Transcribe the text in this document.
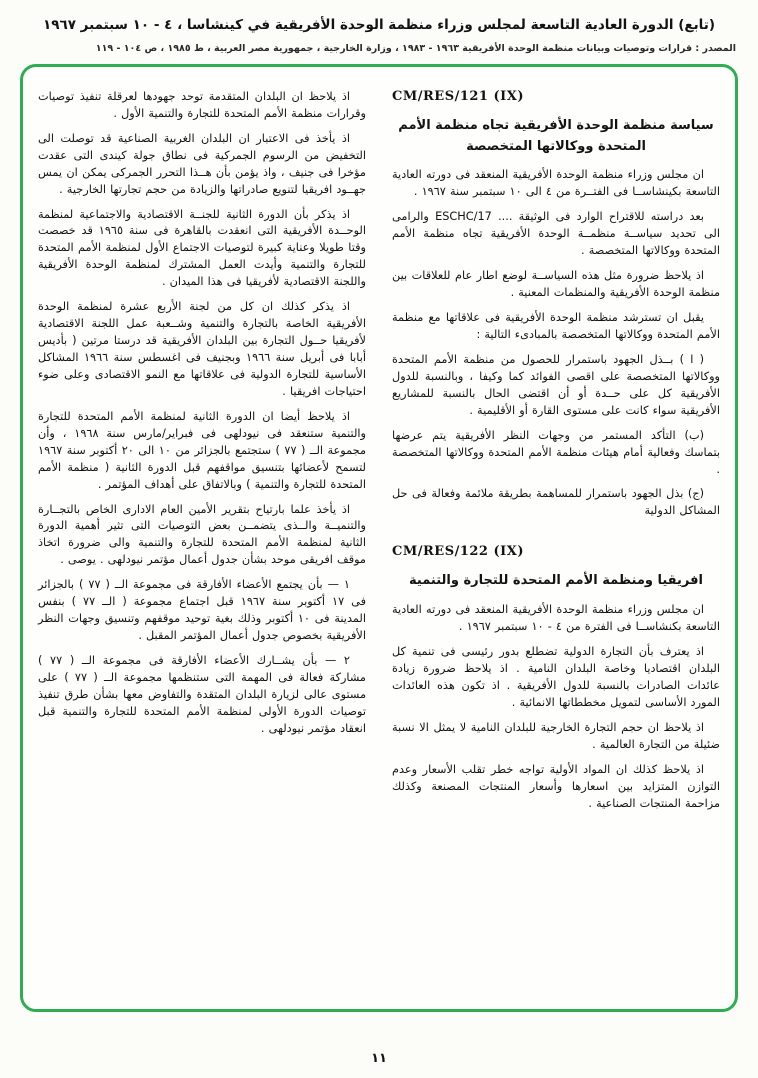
(تابع) الدورة العادية التاسعة لمجلس وزراء منظمة الوحدة الأفريقية في كينشاسا ، ٤ - ١٠ سبتمبر ١٩٦٧
المصدر : قرارات وتوصيات وبيانات منظمة الوحدة الأفريقية ١٩٦٣ - ١٩٨٣ ، وزارة الخارجية ، جمهورية مصر العربية ، ط ١٩٨٥ ، ص ١٠٤ - ١١٩
CM/RES/121 (IX)
سياسة منظمة الوحدة الأفريقية تجاه منظمة الأمم المتحدة ووكالاتها المتخصصة

ان مجلس وزراء منظمة الوحدة الأفريقية المنعقد فى دورته العادية التاسعة بكينشاســا فى الفتــرة من ٤ الى ١٠ سبتمبر سنة ١٩٦٧ .

بعد دراسته للاقتراح الوارد فى الوثيقة .... ESCHC/17 والرامى الى تحديد سياســة منظمــة الوحدة الأفريقية تجاه منظمة الأمم المتحدة ووكالاتها المتخصصة .

اذ يلاحظ ضرورة مثل هذه السياســة لوضع اطار عام للعلاقات بين منظمة الوحدة الأفريقية والمنظمات المعنية .

يقبل ان تسترشد منظمة الوحدة الأفريقية فى علاقاتها مع منظمة الأمم المتحدة ووكالاتها المتخصصة بالمبادىء التالية :

( ا ) بــذل الجهود باستمرار للحصول من منظمة الأمم المتحدة ووكالاتها المتخصصة على اقصى الفوائد كما وكيفا ، وبالنسبة للدول الأفريقية كل على حــدة أو أن اقتضى الحال بالنسبة للمشاريع الأفريقية سواء كانت على مستوى القارة أو الأقليمية .

(ب) التأكد المستمر من وجهات النظر الأفريقية يتم عرضها بتماسك وفعالية أمام هيئات منظمة الأمم المتحدة ووكالاتها المتخصصة .

(ج) بذل الجهود باستمرار للمساهمة بطريقة ملائمة وفعالة فى حل المشاكل الدولية

CM/RES/122 (IX)
افريقيا ومنظمة الأمم المتحدة للتجارة والتنمية

ان مجلس وزراء منظمة الوحدة الأفريقية المنعقد فى دورته العادية التاسعة بكنشاســا فى الفترة من ٤ - ١٠ سبتمبر ١٩٦٧ .

اذ يعترف بأن التجارة الدولية تضطلع بدور رئيسى فى تنمية كل البلدان اقتصاديا وخاصة البلدان النامية . اذ يلاحظ ضرورة زيادة عائدات الصادرات بالنسبة للدول الأفريقية . اذ تكون هذه العائدات المورد الأساسى لتمويل مخططاتها الانمائية .

اذ يلاحظ ان حجم التجارة الخارجية للبلدان النامية لا يمثل الا نسبة ضئيلة من التجارة العالمية .

اذ يلاحظ كذلك ان المواد الأولية تواجه خطر تقلب الأسعار وعدم التوازن المتزايد بين اسعارها وأسعار المنتجات المصنعة وكذلك مزاحمة المنتجات الصناعية .

اذ يلاحظ ان البلدان المتقدمة توحد جهودها لعرقلة تنفيذ توصيات وقرارات منظمة الأمم المتحدة للتجارة والتنمية الأول .

اذ يأخذ فى الاعتبار ان البلدان الغربية الصناعية قد توصلت الى التخفيض من الرسوم الجمركية فى نطاق جولة كيندى التى عقدت مؤخرا فى جنيف ، واذ يؤمن بأن هــذا التحرر الجمركى يمكن ان يمس جهــود افريقيا لتنويع صادراتها والزيادة من حجم تجارتها الخارجية .

اذ يذكر بأن الدورة الثانية للجنــة الاقتصادية والاجتماعية لمنظمة الوحــدة الأفريقية التى انعقدت بالقاهرة فى سنة ١٩٦٥ قد خصصت وقتا طويلا وعناية كبيرة لتوصيات الاجتماع الأول لمنظمة الأمم المتحدة للتجارة والتنمية وأيدت العمل المشترك لمنظمة الوحدة الأفريقية واللجنة الاقتصادية لأفريقيا فى هذا الميدان .

اذ يذكر كذلك ان كل من لجنة الأربع عشرة لمنظمة الوحدة الأفريقية الخاصة بالتجارة والتنمية وشــعبة عمل اللجنة الاقتصادية لأفريقيا حــول التجارة بين البلدان الأفريقية قد درستا مرتين ( بأديس أبابا فى أبريل سنة ١٩٦٦ وبجنيف فى اغسطس سنة ١٩٦٦ المشاكل الأساسية للتجارة الدولية فى علاقاتها مع النمو الاقتصادى وعلى ضوء احتياجات افريقيا .

اذ يلاحظ أيضا ان الدورة الثانية لمنظمة الأمم المتحدة للتجارة والتنمية ستنعقد فى نيودلهى فى فبراير/مارس سنة ١٩٦٨ ، وأن مجموعة الــ ( ٧٧ ) ستجتمع بالجزائر من ١٠ الى ٢٠ أكتوبر سنة ١٩٦٧ لتسمح لأعضائها بتنسيق مواقفهم قبل الدورة الثانية ( منظمة الأمم المتحدة للتجارة والتنمية ) وبالاتفاق على أهداف المؤتمر .

اذ يأخذ علما بارتياح بتقرير الأمين العام الادارى الخاص بالتجــارة والتنميــة والــذى يتضمــن بعض التوصيات التى تثير أهمية الدورة الثانية لمنظمة الأمم المتحدة للتجارة والتنمية والى ضرورة اتخاذ موقف افريقى موحد بشأن جدول أعمال مؤتمر نيودلهى . يوصى .

١ — بأن يجتمع الأعضاء الأفارقة فى مجموعة الــ ( ٧٧ ) بالجزائر فى ١٧ أكتوبر سنة ١٩٦٧ قبل اجتماع مجموعة ( الــ ٧٧ ) بنفس المدينة فى ١٠ أكتوبر وذلك بغية توحيد موقفهم وتنسيق وجهات النظر الأفريقية بخصوص جدول أعمال المؤتمر المقبل .

٢ — بأن يشــارك الأعضاء الأفارقة فى مجموعة الــ ( ٧٧ ) مشاركة فعالة فى المهمة التى ستنظمها مجموعة الــ ( ٧٧ ) على مستوى عالى لزيارة البلدان المتقدة والتفاوض معها بشأن طرق تنفيذ توصيات الدورة الأولى لمنظمة الأمم المتحدة للتجارة والتنمية قبل انعقاد مؤتمر نيودلهى .

١١
